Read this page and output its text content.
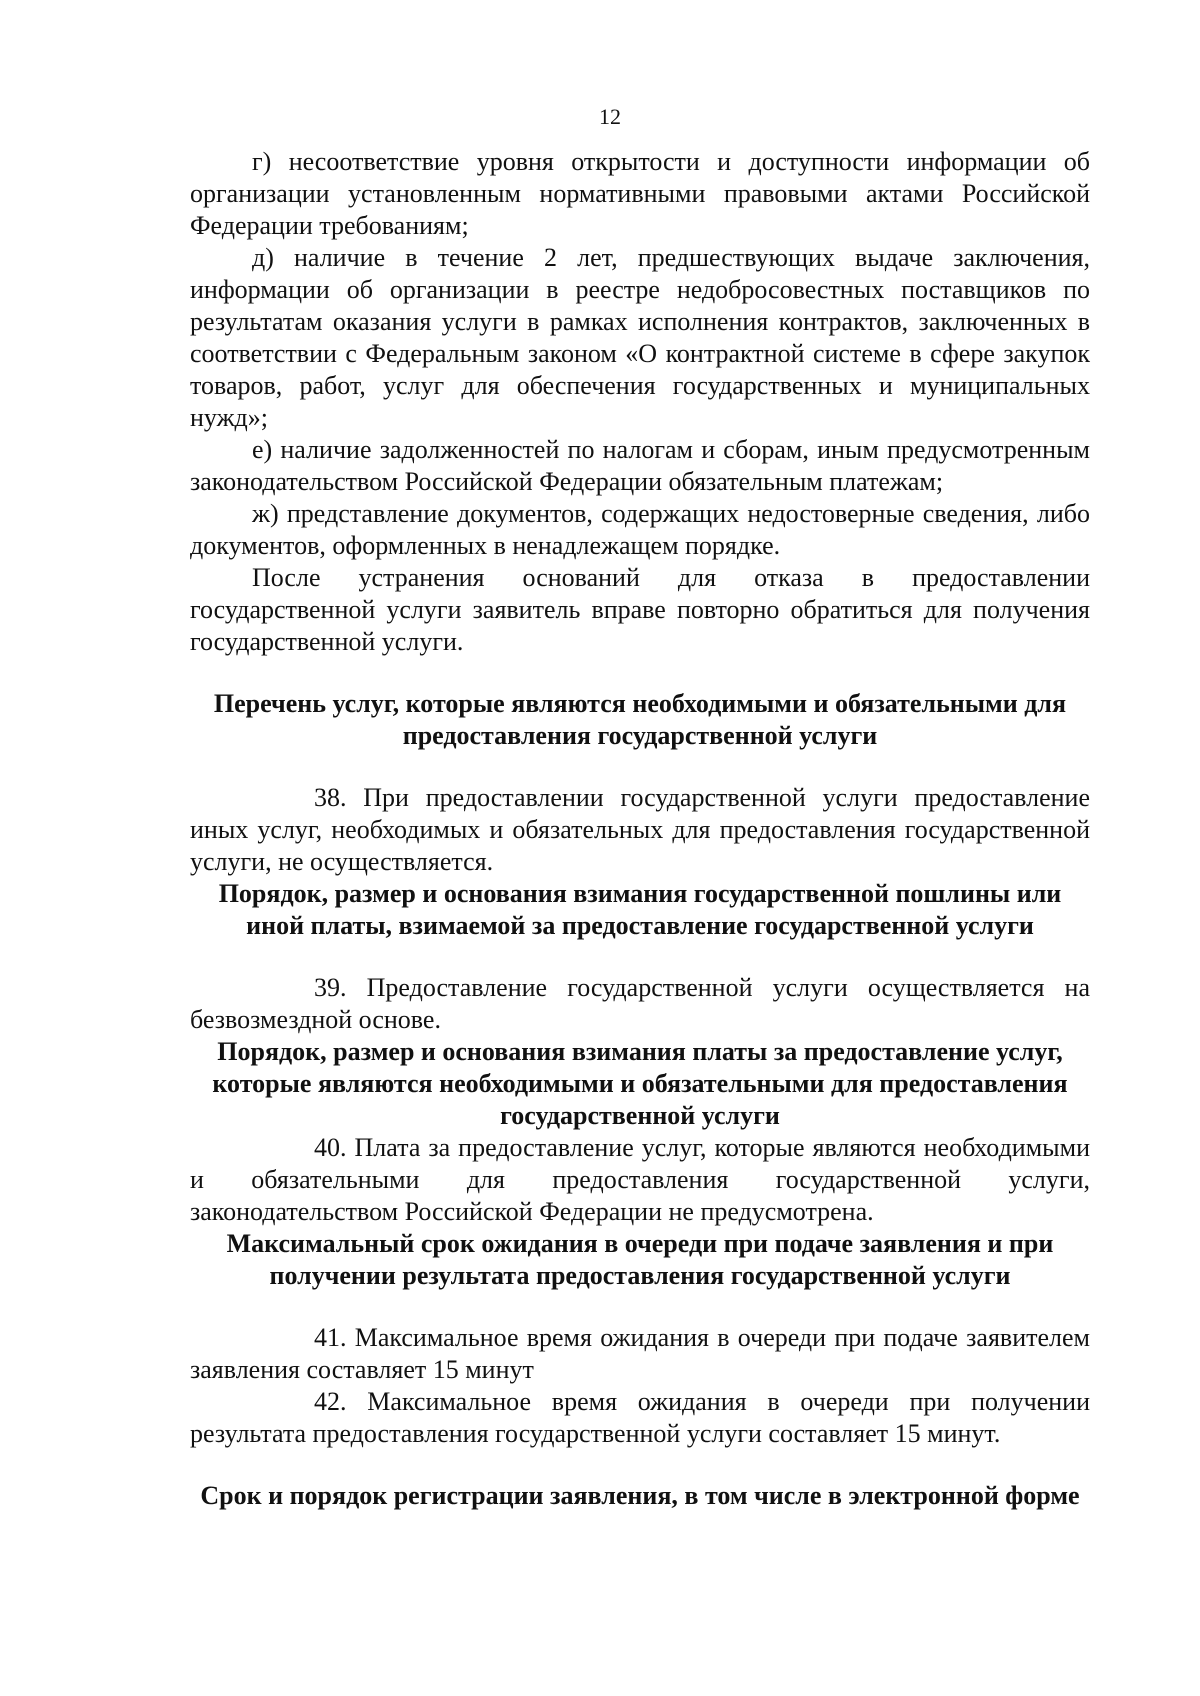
12

г) несоответствие уровня открытости и доступности информации об организации установленным нормативными правовыми актами Российской Федерации требованиям;

д) наличие в течение 2 лет, предшествующих выдаче заключения, информации об организации в реестре недобросовестных поставщиков по результатам оказания услуги в рамках исполнения контрактов, заключенных в соответствии с Федеральным законом «О контрактной системе в сфере закупок товаров, работ, услуг для обеспечения государственных и муниципальных нужд»;

е) наличие задолженностей по налогам и сборам, иным предусмотренным законодательством Российской Федерации обязательным платежам;

ж) представление документов, содержащих недостоверные сведения, либо документов, оформленных в ненадлежащем порядке.

После устранения оснований для отказа в предоставлении государственной услуги заявитель вправе повторно обратиться для получения государственной услуги.

Перечень услуг, которые являются необходимыми и обязательными для предоставления государственной услуги

38. При предоставлении государственной услуги предоставление иных услуг, необходимых и обязательных для предоставления государственной услуги, не осуществляется.

Порядок, размер и основания взимания государственной пошлины или иной платы, взимаемой за предоставление государственной услуги

39. Предоставление государственной услуги осуществляется на безвозмездной основе.

Порядок, размер и основания взимания платы за предоставление услуг, которые являются необходимыми и обязательными для предоставления государственной услуги

40. Плата за предоставление услуг, которые являются необходимыми и обязательными для предоставления государственной услуги, законодательством Российской Федерации не предусмотрена.

Максимальный срок ожидания в очереди при подаче заявления и при получении результата предоставления государственной услуги

41. Максимальное время ожидания в очереди при подаче заявителем заявления составляет 15 минут

42. Максимальное время ожидания в очереди при получении результата предоставления государственной услуги составляет 15 минут.

Срок и порядок регистрации заявления, в том числе в электронной форме
